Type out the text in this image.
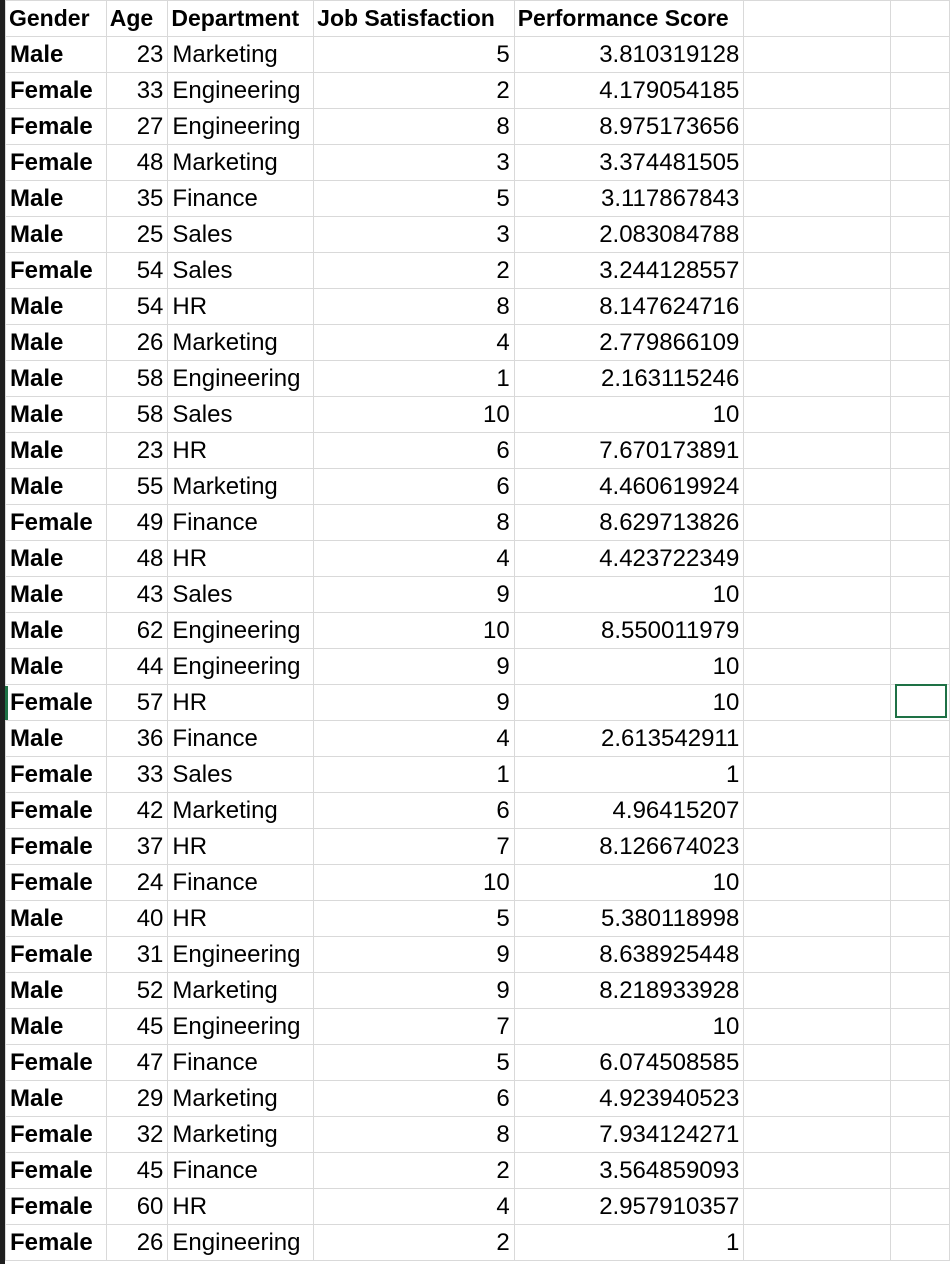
Gender	Age	Department	Job Satisfaction	Performance Score		
Male	23	Marketing	5	3.810319128		
Female	33	Engineering	2	4.179054185		
Female	27	Engineering	8	8.975173656		
Female	48	Marketing	3	3.374481505		
Male	35	Finance	5	3.117867843		
Male	25	Sales	3	2.083084788		
Female	54	Sales	2	3.244128557		
Male	54	HR	8	8.147624716		
Male	26	Marketing	4	2.779866109		
Male	58	Engineering	1	2.163115246		
Male	58	Sales	10	10		
Male	23	HR	6	7.670173891		
Male	55	Marketing	6	4.460619924		
Female	49	Finance	8	8.629713826		
Male	48	HR	4	4.423722349		
Male	43	Sales	9	10		
Male	62	Engineering	10	8.550011979		
Male	44	Engineering	9	10		
Female	57	HR	9	10		
Male	36	Finance	4	2.613542911		
Female	33	Sales	1	1		
Female	42	Marketing	6	4.96415207		
Female	37	HR	7	8.126674023		
Female	24	Finance	10	10		
Male	40	HR	5	5.380118998		
Female	31	Engineering	9	8.638925448		
Male	52	Marketing	9	8.218933928		
Male	45	Engineering	7	10		
Female	47	Finance	5	6.074508585		
Male	29	Marketing	6	4.923940523		
Female	32	Marketing	8	7.934124271		
Female	45	Finance	2	3.564859093		
Female	60	HR	4	2.957910357		
Female	26	Engineering	2	1		
